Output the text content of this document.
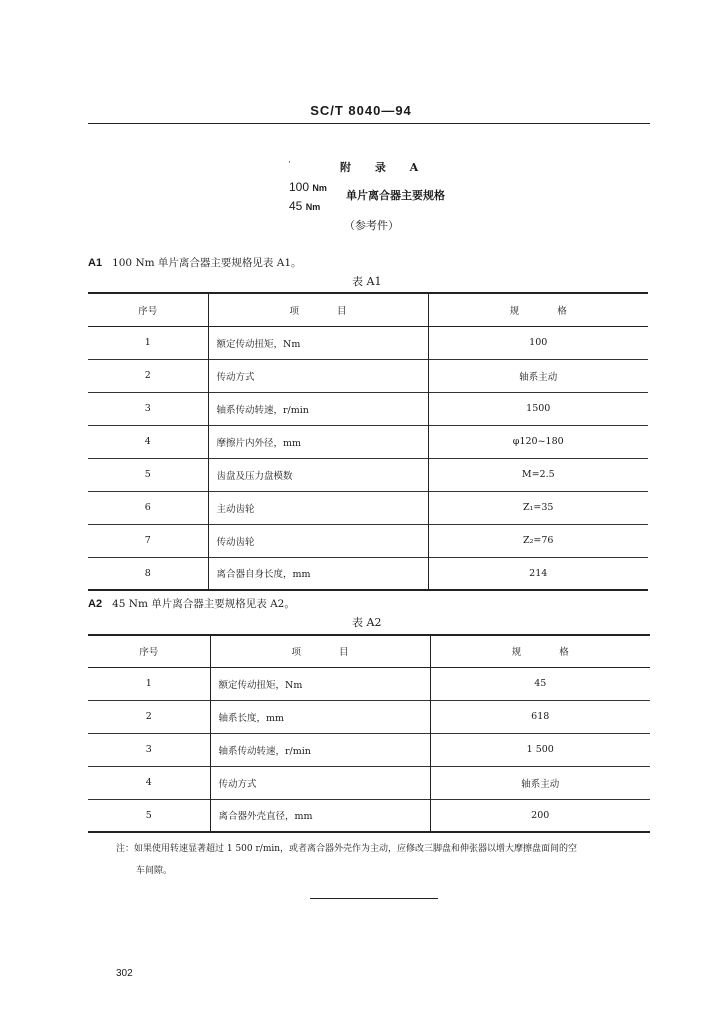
SC/T 8040—94
·	附 录 A
100 Nm
45 Nm
单片离合器主要规格
（参考件）
A1 100 Nm 单片离合器主要规格见表 A1。
表 A1
序号	项　　　　目	规　　　　格
1	额定传动扭矩，Nm	100
2	传动方式	轴系主动
3	轴系传动转速，r/min	1500
4	摩擦片内外径，mm	φ120~180
5	齿盘及压力盘模数	M=2.5
6	主动齿轮	Z₁=35
7	传动齿轮	Z₂=76
8	离合器自身长度，mm	214
A2 45 Nm 单片离合器主要规格见表 A2。
表 A2
序号	项　　　　目	规　　　　格
1	额定传动扭矩，Nm	45
2	轴系长度，mm	618
3	轴系传动转速，r/min	1 500
4	传动方式	轴系主动
5	离合器外壳直径，mm	200
注：如果使用转速显著超过 1 500 r/min，或者离合器外壳作为主动，应修改三脚盘和伸张器以增大摩擦盘面间的空
车间隙。
302
